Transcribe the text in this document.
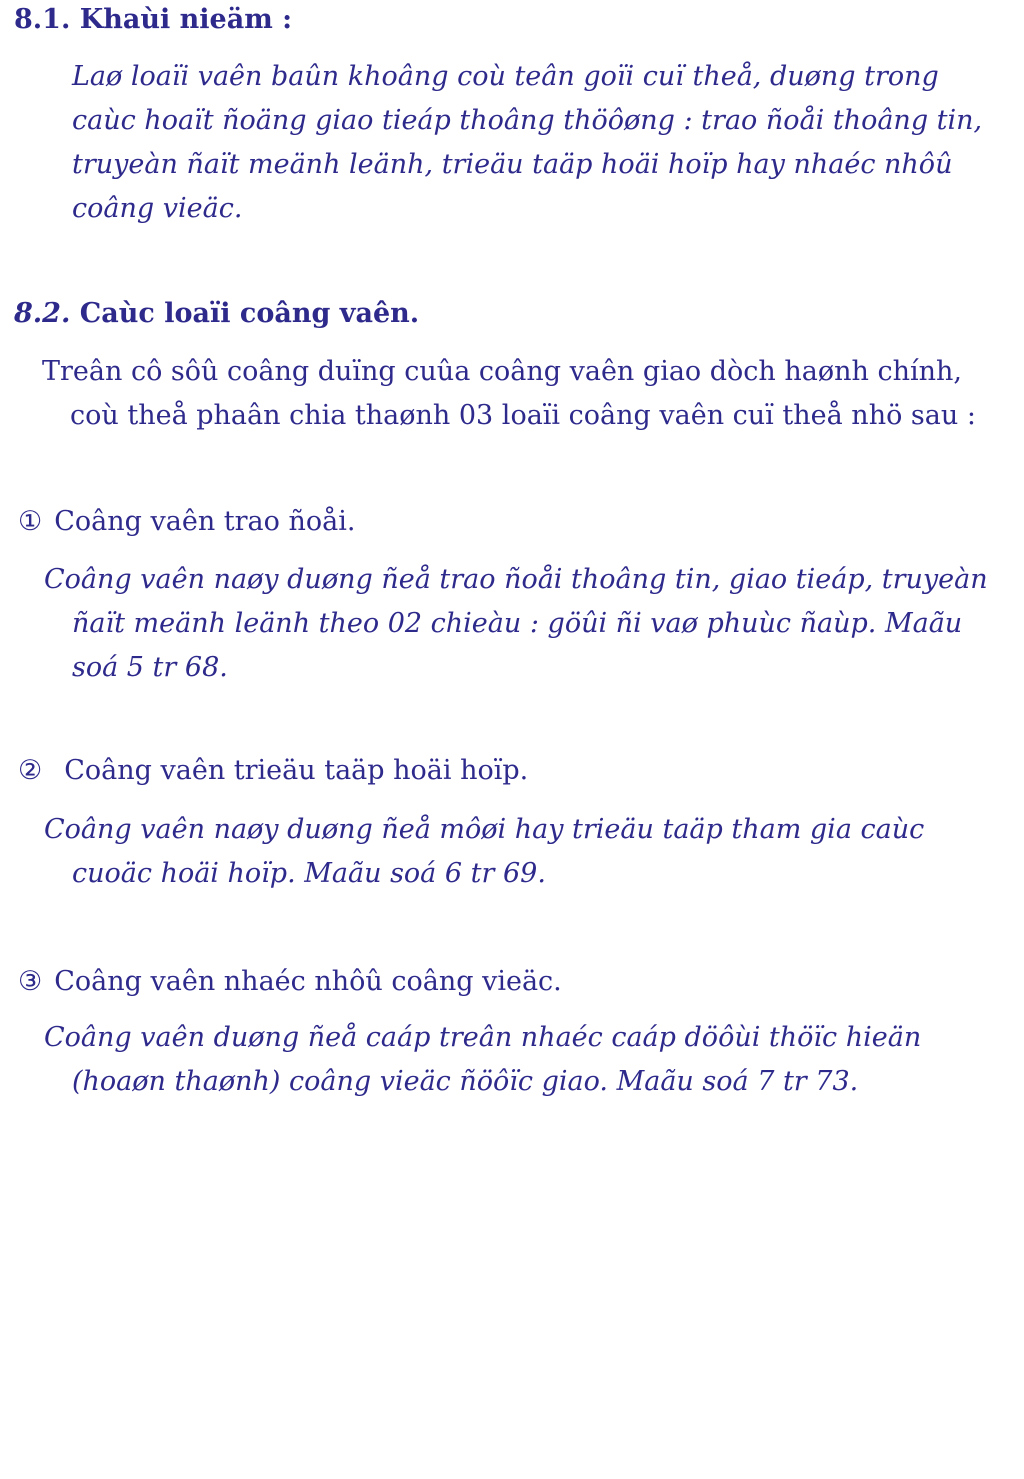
8.1. Khaùi nieäm :

Laø loaïi vaên baûn khoâng coù teân goïi cuï theå, duøng trong
caùc hoaït ñoäng giao tieáp thoâng thöôøng : trao ñoåi thoâng tin,
truyeàn ñaït meänh leänh, trieäu taäp hoäi hoïp hay nhaéc nhôû
coâng vieäc.

8.2. Caùc loaïi coâng vaên.

Treân cô sôû coâng duïng cuûa coâng vaên giao dòch haønh chính,
coù theå phaân chia thaønh 03 loaïi coâng vaên cuï theå nhö sau :

① Coâng vaên trao ñoåi.

Coâng vaên naøy duøng ñeå trao ñoåi thoâng tin, giao tieáp, truyeàn
ñaït meänh leänh theo 02 chieàu : göûi ñi vaø phuùc ñaùp. Maãu
soá 5 tr 68.

② Coâng vaên trieäu taäp hoäi hoïp.

Coâng vaên naøy duøng ñeå môøi hay trieäu taäp tham gia caùc
cuoäc hoäi hoïp. Maãu soá 6 tr 69.

③ Coâng vaên nhaéc nhôû coâng vieäc.

Coâng vaên duøng ñeå caáp treân nhaéc caáp döôùi thöïc hieän
(hoaøn thaønh) coâng vieäc ñöôïc giao. Maãu soá 7 tr 73.
